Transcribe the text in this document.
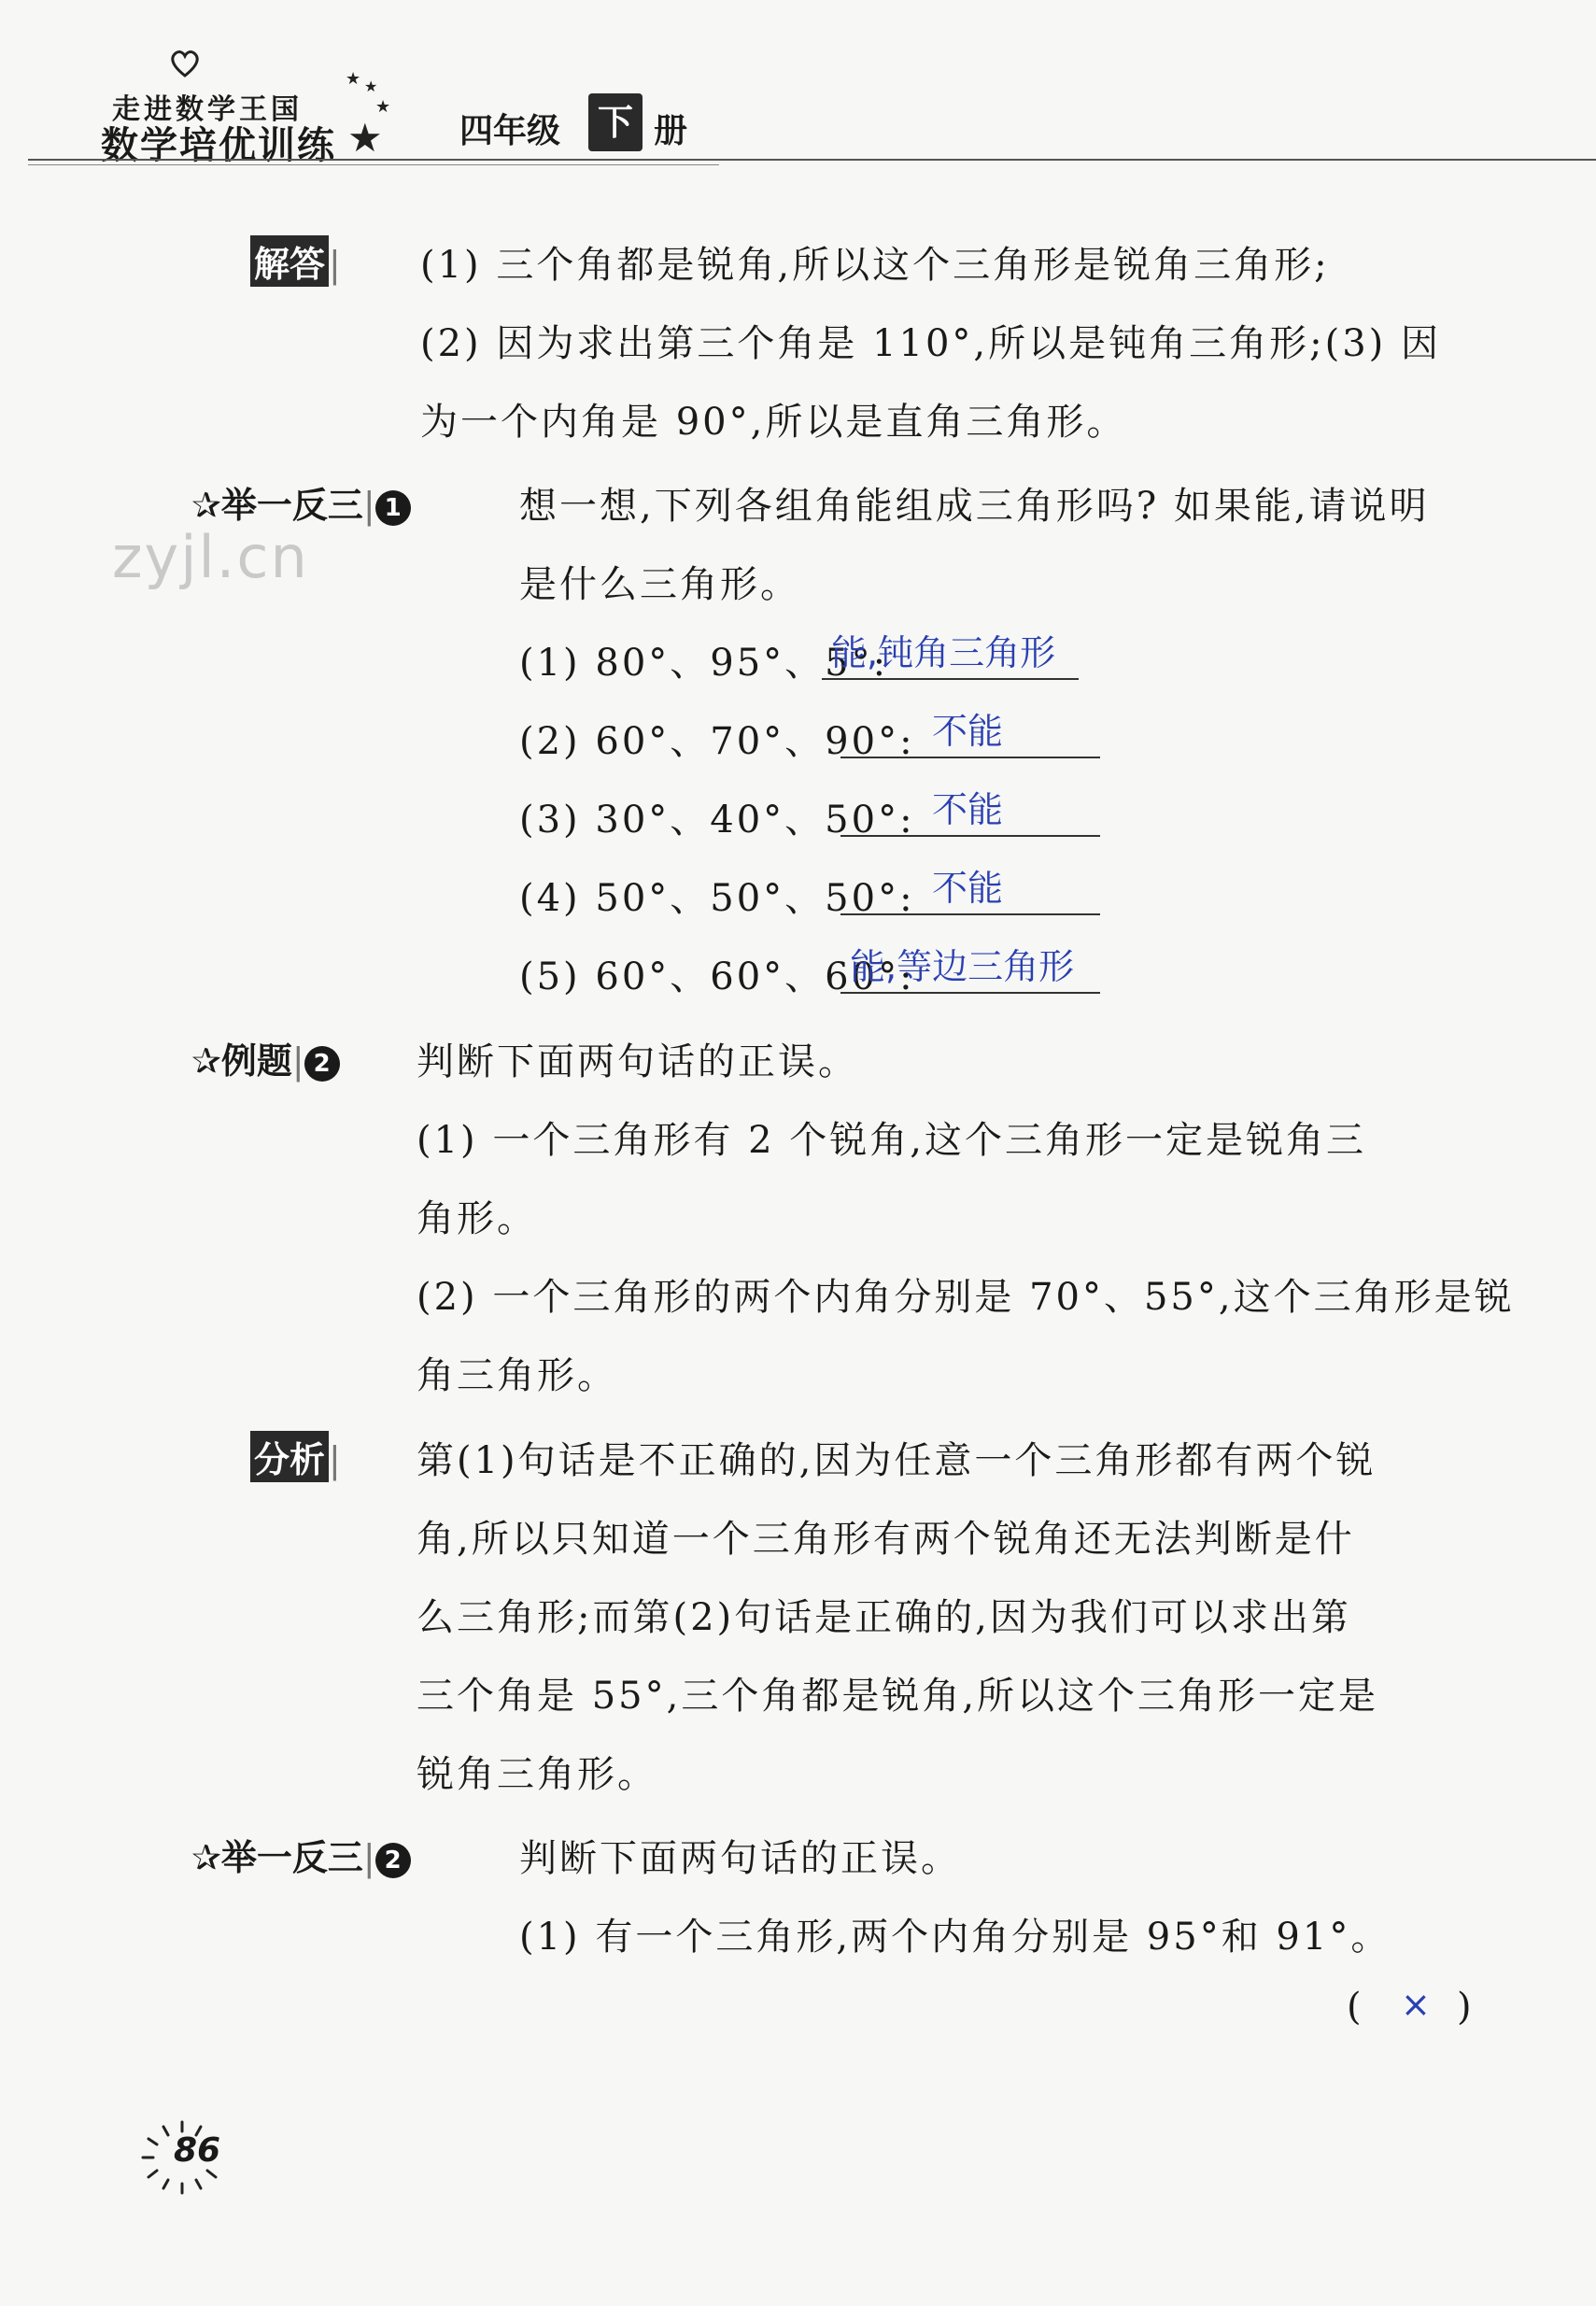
走进数学王国
数学培优训练
★ ★
★
★ 四年级 下 册
zyjl.cn
解答 | (1) 三个角都是锐角,所以这个三角形是锐角三角形;
(2) 因为求出第三个角是 110°,所以是钝角三角形;(3) 因
为一个内角是 90°,所以是直角三角形。
✰举一反三| 1	想一想,下列各组角能组成三角形吗? 如果能,请说明
是什么三角形。
(1) 80°、95°、5°:
能,钝角三角形
(2) 60°、70°、90°: 不能
(3) 30°、40°、50°: 不能
(4) 50°、50°、50°: 不能
(5) 60°、60°、60°:
能,等边三角形
✰例题| 2 判断下面两句话的正误。
(1) 一个三角形有 2 个锐角,这个三角形一定是锐角三
角形。
(2) 一个三角形的两个内角分别是 70°、55°,这个三角形是锐
角三角形。
分析 | 第(1)句话是不正确的,因为任意一个三角形都有两个锐
角,所以只知道一个三角形有两个锐角还无法判断是什
么三角形;而第(2)句话是正确的,因为我们可以求出第
三个角是 55°,三个角都是锐角,所以这个三角形一定是
锐角三角形。
✰举一反三| 2	判断下面两句话的正误。
(1) 有一个三角形,两个内角分别是 95°和 91°。
( × )
86
